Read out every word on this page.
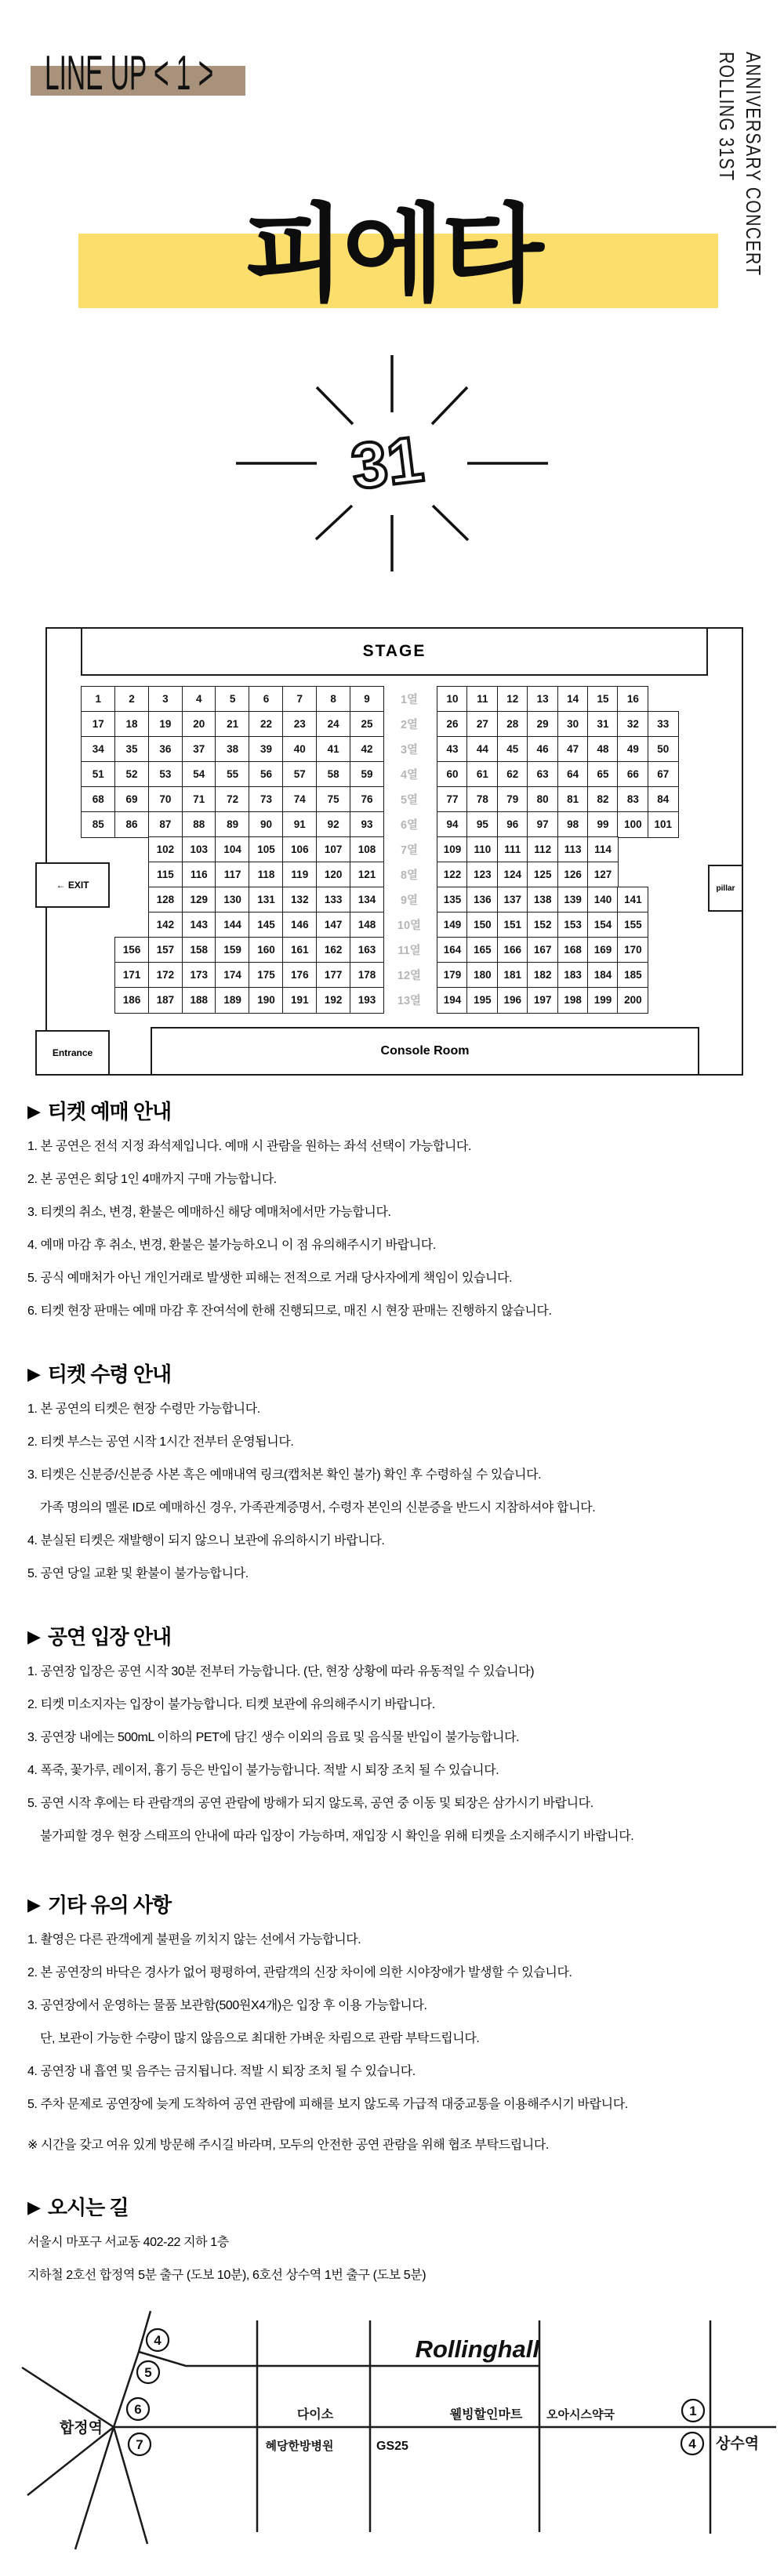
LINE UP < 1 >	ANNIVERSARY CONCERT
ROLLING 31ST
피에타
31
STAGE
← EXIT	pillar
Entrance	Console Room
1	2	3	4	5	6	7	8	9	10	11	12	13	14	15	16
1열
17	18	19	20	21	22	23	24	25	26	27	28	29	30	31	32	33
2열
34	35	36	37	38	39	40	41	42	43	44	45	46	47	48	49	50
3열
51	52	53	54	55	56	57	58	59	60	61	62	63	64	65	66	67
4열
68	69	70	71	72	73	74	75	76	77	78	79	80	81	82	83	84
5열
85	86	87	88	89	90	91	92	93	94	95	96	97	98	99	100	101
6열
102	103	104	105	106	107	108	109	110	111	112	113	114
7열
115	116	117	118	119	120	121	122	123	124	125	126	127
8열
128	129	130	131	132	133	134	135	136	137	138	139	140	141
9열
142	143	144	145	146	147	148	149	150	151	152	153	154	155
10열
156	157	158	159	160	161	162	163	164	165	166	167	168	169	170
11열
171	172	173	174	175	176	177	178	179	180	181	182	183	184	185
12열
186	187	188	189	190	191	192	193	194	195	196	197	198	199	200
13열
▶ 티켓 예매 안내
1. 본 공연은 전석 지정 좌석제입니다. 예매 시 관람을 원하는 좌석 선택이 가능합니다.
2. 본 공연은 회당 1인 4매까지 구매 가능합니다.
3. 티켓의 취소, 변경, 환불은 예매하신 해당 예매처에서만 가능합니다.
4. 예매 마감 후 취소, 변경, 환불은 불가능하오니 이 점 유의해주시기 바랍니다.
5. 공식 예매처가 아닌 개인거래로 발생한 피해는 전적으로 거래 당사자에게 책임이 있습니다.
6. 티켓 현장 판매는 예매 마감 후 잔여석에 한해 진행되므로, 매진 시 현장 판매는 진행하지 않습니다.
▶ 티켓 수령 안내
1. 본 공연의 티켓은 현장 수령만 가능합니다.
2. 티켓 부스는 공연 시작 1시간 전부터 운영됩니다.
3. 티켓은 신분증/신분증 사본 혹은 예매내역 링크(캡처본 확인 불가) 확인 후 수령하실 수 있습니다.
가족 명의의 멜론 ID로 예매하신 경우, 가족관계증명서, 수령자 본인의 신분증을 반드시 지참하셔야 합니다.
4. 분실된 티켓은 재발행이 되지 않으니 보관에 유의하시기 바랍니다.
5. 공연 당일 교환 및 환불이 불가능합니다.
▶ 공연 입장 안내
1. 공연장 입장은 공연 시작 30분 전부터 가능합니다. (단, 현장 상황에 따라 유동적일 수 있습니다)
2. 티켓 미소지자는 입장이 불가능합니다. 티켓 보관에 유의해주시기 바랍니다.
3. 공연장 내에는 500mL 이하의 PET에 담긴 생수 이외의 음료 및 음식물 반입이 불가능합니다.
4. 폭죽, 꽃가루, 레이저, 흉기 등은 반입이 불가능합니다. 적발 시 퇴장 조치 될 수 있습니다.
5. 공연 시작 후에는 타 관람객의 공연 관람에 방해가 되지 않도록, 공연 중 이동 및 퇴장은 삼가시기 바랍니다.
불가피할 경우 현장 스태프의 안내에 따라 입장이 가능하며, 재입장 시 확인을 위해 티켓을 소지해주시기 바랍니다.
▶ 기타 유의 사항
1. 촬영은 다른 관객에게 불편을 끼치지 않는 선에서 가능합니다.
2. 본 공연장의 바닥은 경사가 없어 평평하여, 관람객의 신장 차이에 의한 시야장애가 발생할 수 있습니다.
3. 공연장에서 운영하는 물품 보관함(500원X4개)은 입장 후 이용 가능합니다.
단, 보관이 가능한 수량이 많지 않음으로 최대한 가벼운 차림으로 관람 부탁드립니다.
4. 공연장 내 흡연 및 음주는 금지됩니다. 적발 시 퇴장 조치 될 수 있습니다.
5. 주차 문제로 공연장에 늦게 도착하여 공연 관람에 피해를 보지 않도록 가급적 대중교통을 이용해주시기 바랍니다.
※ 시간을 갖고 여유 있게 방문해 주시길 바라며, 모두의 안전한 공연 관람을 위해 협조 부탁드립니다.
▶ 오시는 길
서울시 마포구 서교동 402-22 지하 1층
지하철 2호선 합정역 5분 출구 (도보 10분), 6호선 상수역 1번 출구 (도보 5분)
4
5
6
7
1
4
합정역
상수역
Rollinghall
다이소	웰빙할인마트 오아시스약국
혜당한방병원	GS25
